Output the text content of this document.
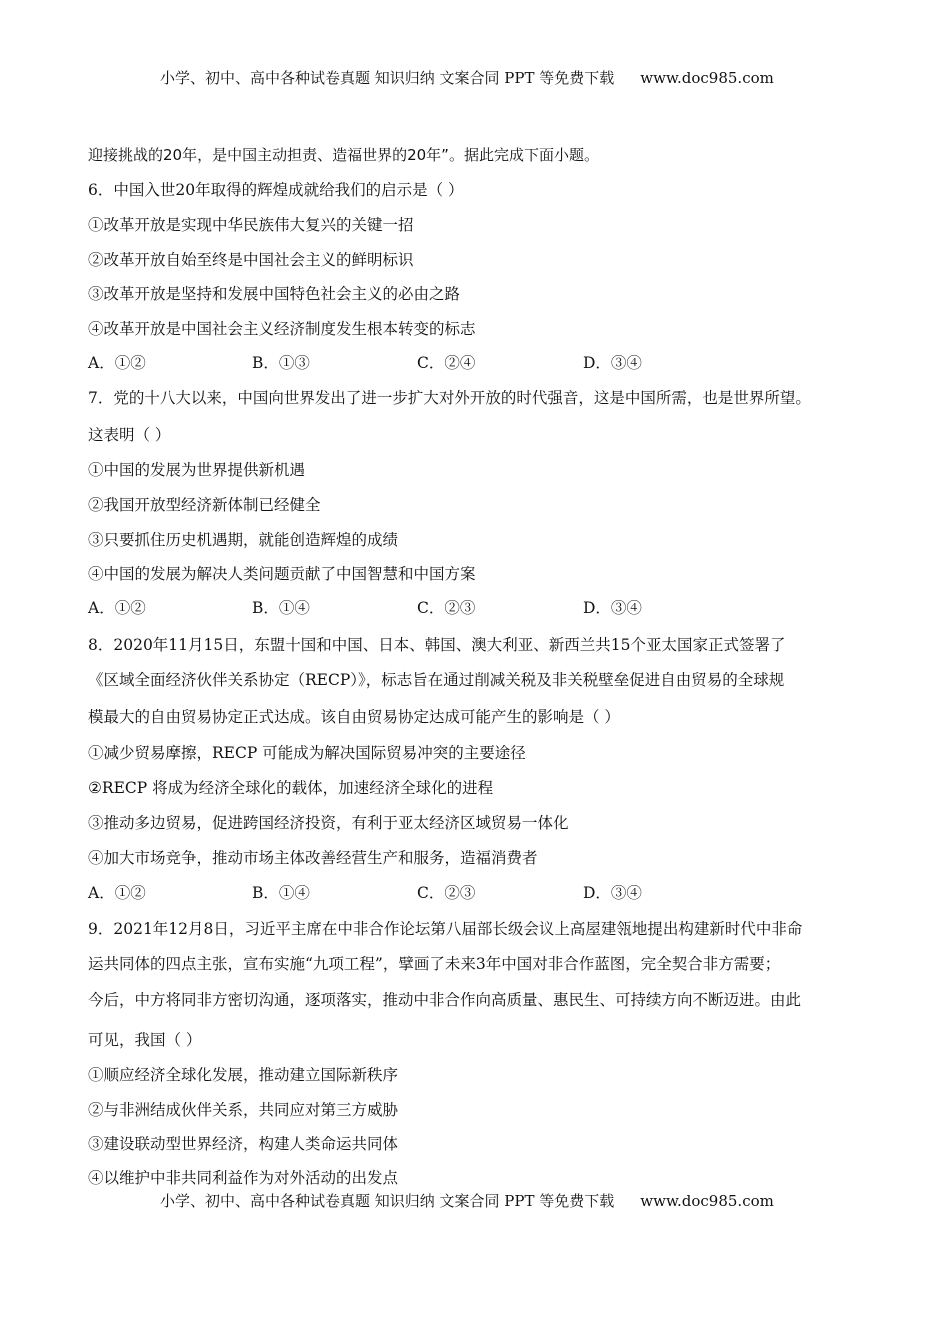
小学、初中、高中各种试卷真题 知识归纳 文案合同 PPT 等免费下载 www.doc985.com
迎接挑战的20年，是中国主动担责、造福世界的20年”。据此完成下面小题。
6．中国入世20年取得的辉煌成就给我们的启示是（ ）
①改革开放是实现中华民族伟大复兴的关键一招
②改革开放自始至终是中国社会主义的鲜明标识
③改革开放是坚持和发展中国特色社会主义的必由之路
④改革开放是中国社会主义经济制度发生根本转变的标志
A．①②	B．①③	C．②④	D．③④
7．党的十八大以来，中国向世界发出了进一步扩大对外开放的时代强音，这是中国所需，也是世界所望。
这表明（ ）
①中国的发展为世界提供新机遇
②我国开放型经济新体制已经健全
③只要抓住历史机遇期，就能创造辉煌的成绩
④中国的发展为解决人类问题贡献了中国智慧和中国方案
A．①②	B．①④	C．②③	D．③④
8．2020年11月15日，东盟十国和中国、日本、韩国、澳大利亚、新西兰共15个亚太国家正式签署了
《区域全面经济伙伴关系协定（RECP）》，标志旨在通过削减关税及非关税壁垒促进自由贸易的全球规
模最大的自由贸易协定正式达成。该自由贸易协定达成可能产生的影响是（ ）
①减少贸易摩擦，RECP 可能成为解决国际贸易冲突的主要途径
②RECP 将成为经济全球化的载体，加速经济全球化的进程
③推动多边贸易，促进跨国经济投资，有利于亚太经济区域贸易一体化
④加大市场竞争，推动市场主体改善经营生产和服务，造福消费者
A．①②	B．①④	C．②③	D．③④
9．2021年12月8日，习近平主席在中非合作论坛第八届部长级会议上高屋建瓴地提出构建新时代中非命
运共同体的四点主张，宣布实施“九项工程”，擘画了未来3年中国对非合作蓝图，完全契合非方需要；
今后，中方将同非方密切沟通，逐项落实，推动中非合作向高质量、惠民生、可持续方向不断迈进。由此
可见，我国（ ）
①顺应经济全球化发展，推动建立国际新秩序
②与非洲结成伙伴关系，共同应对第三方威胁
③建设联动型世界经济，构建人类命运共同体
④以维护中非共同利益作为对外活动的出发点
小学、初中、高中各种试卷真题 知识归纳 文案合同 PPT 等免费下载 www.doc985.com
